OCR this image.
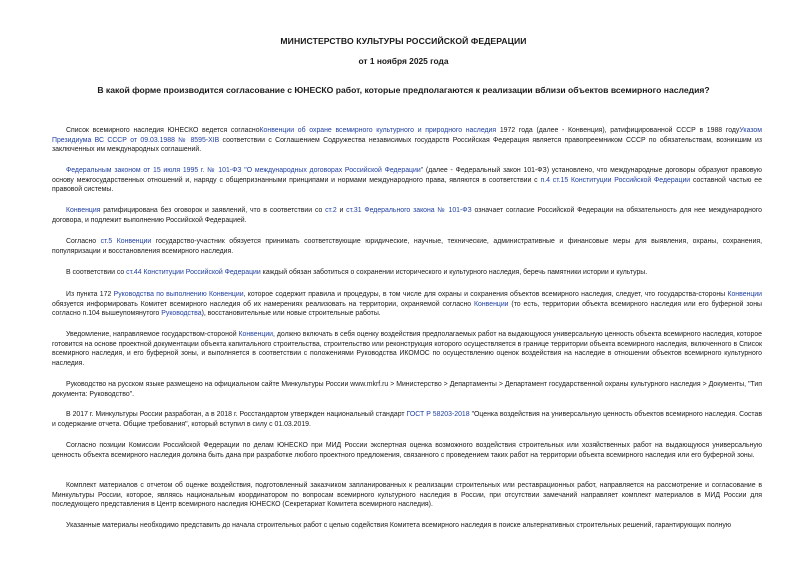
МИНИСТЕРСТВО КУЛЬТУРЫ РОССИЙСКОЙ ФЕДЕРАЦИИ
от 1 ноября 2025 года
В какой форме производится согласование с ЮНЕСКО работ, которые предполагаются к реализации вблизи объектов всемирного наследия?

Список всемирного наследия ЮНЕСКО ведется согласноКонвенции об охране всемирного культурного и природного наследия 1972 года (далее - Конвенция), ратифицированной СССР в 1988 годуУказом Президиума ВС СССР от 09.03.1988 № 8595-XIВ соответствии с Соглашением Содружества независимых государств Российская Федерация является правопреемником СССР по обязательствам, возникшим из заключенных им международных соглашений.

Федеральным законом от 15 июля 1995 г. № 101-ФЗ "О международных договорах Российской Федерации" (далее - Федеральный закон 101-ФЗ) установлено, что международные договоры образуют правовую основу межгосударственных отношений и, наряду с общепризнанными принципами и нормами международного права, являются в соответствии с п.4 ст.15 Конституции Российской Федерации составной частью ее правовой системы.

Конвенция ратифицирована без оговорок и заявлений, что в соответствии со ст.2 и ст.31 Федерального закона № 101-ФЗ означает согласие Российской Федерации на обязательность для нее международного договора, и подлежит выполнению Российской Федерацией.

Согласно ст.5 Конвенции государство-участник обязуется принимать соответствующие юридические, научные, технические, административные и финансовые меры для выявления, охраны, сохранения, популяризации и восстановления всемирного наследия.

В соответствии со ст.44 Конституции Российской Федерации каждый обязан заботиться о сохранении исторического и культурного наследия, беречь памятники истории и культуры.

Из пункта 172 Руководства по выполнению Конвенции, которое содержит правила и процедуры, в том числе для охраны и сохранения объектов всемирного наследия, следует, что государства-стороны Конвенции обязуется информировать Комитет всемирного наследия об их намерениях реализовать на территории, охраняемой согласно Конвенции (то есть, территории объекта всемирного наследия или его буферной зоны согласно п.104 вышеупомянутого Руководства), восстановительные или новые строительные работы.

Уведомление, направляемое государством-стороной Конвенции, должно включать в себя оценку воздействия предполагаемых работ на выдающуюся универсальную ценность объекта всемирного наследия, которое готовится на основе проектной документации объекта капитального строительства, строительство или реконструкция которого осуществляется в границе территории объекта всемирного наследия, включенного в Список всемирного наследия, и его буферной зоны, и выполняется в соответствии с положениями Руководства ИКОМОС по осуществлению оценок воздействия на наследие в отношении объектов всемирного культурного наследия.

Руководство на русском языке размещено на официальном сайте Минкультуры России www.mkrf.ru > Министерство > Департаменты > Департамент государственной охраны культурного наследия > Документы, "Тип документа: Руководство".

В 2017 г. Минкультуры России разработан, а в 2018 г. Росстандартом утвержден национальный стандарт ГОСТ Р 58203-2018 "Оценка воздействия на универсальную ценность объектов всемирного наследия. Состав и содержание отчета. Общие требования", который вступил в силу с 01.03.2019.

Согласно позиции Комиссии Российской Федерации по делам ЮНЕСКО при МИД России экспертная оценка возможного воздействия строительных или хозяйственных работ на выдающуюся универсальную ценность объекта всемирного наследия должна быть дана при разработке любого проектного предложения, связанного с проведением таких работ на территории объекта всемирного наследия или его буферной зоны.

Комплект материалов с отчетом об оценке воздействия, подготовленный заказчиком запланированных к реализации строительных или реставрационных работ, направляется на рассмотрение и согласование в Минкультуры России, которое, являясь национальным координатором по вопросам всемирного культурного наследия в России, при отсутствии замечаний направляет комплект материалов в МИД России для последующего представления в Центр всемирного наследия ЮНЕСКО (Секретариат Комитета всемирного наследия).

Указанные материалы необходимо представить до начала строительных работ с целью содействия Комитета всемирного наследия в поиске альтернативных строительных решений, гарантирующих полную
